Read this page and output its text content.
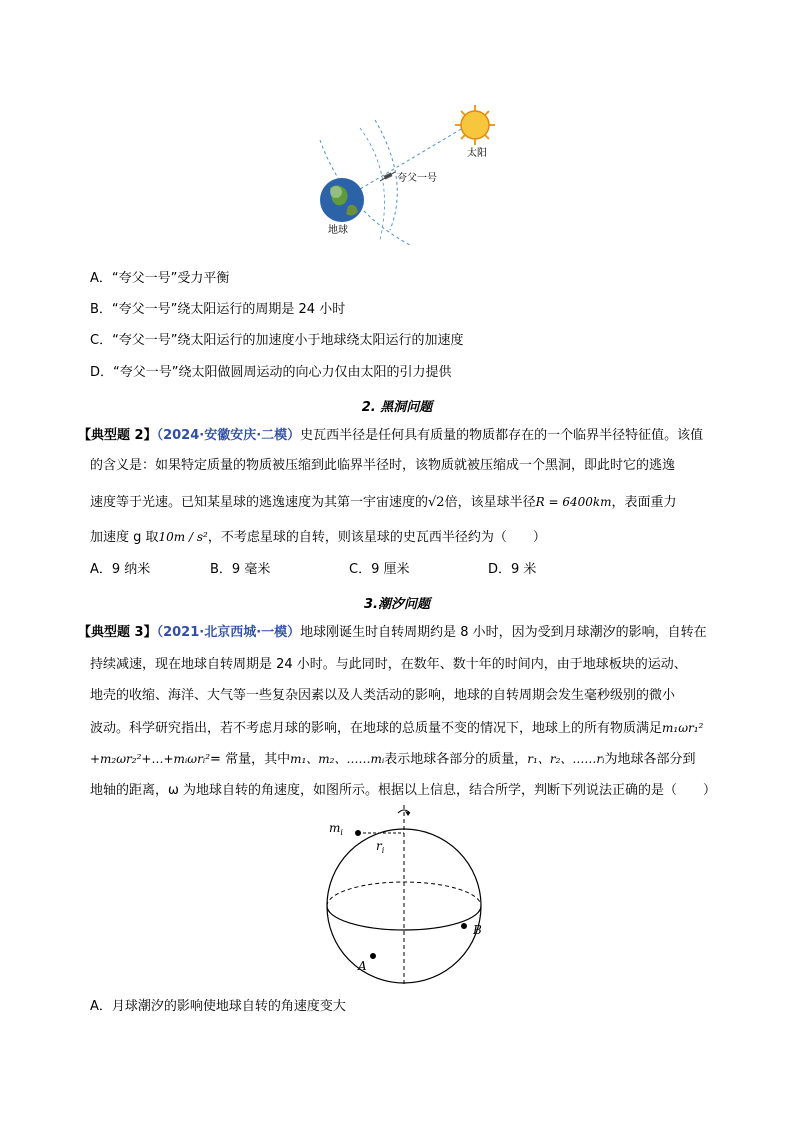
太阳
夸父一号
地球
A．“夸父一号”受力平衡
B．“夸父一号”绕太阳运行的周期是 24 小时
C．“夸父一号”绕太阳运行的加速度小于地球绕太阳运行的加速度
D．“夸父一号”绕太阳做圆周运动的向心力仅由太阳的引力提供
2. 黑洞问题
【典型题 2】（2024·安徽安庆·二模）史瓦西半径是任何具有质量的物质都存在的一个临界半径特征值。该值
的含义是：如果特定质量的物质被压缩到此临界半径时，该物质就被压缩成一个黑洞，即此时它的逃逸
速度等于光速。已知某星球的逃逸速度为其第一宇宙速度的√2倍，该星球半径R = 6400km，表面重力
加速度 g 取10m / s²，不考虑星球的自转，则该星球的史瓦西半径约为（　　）
A．9 纳米	B．9 毫米	C．9 厘米	D．9 米
3.潮汐问题
【典型题 3】（2021·北京西城·一模）地球刚诞生时自转周期约是 8 小时，因为受到月球潮汐的影响，自转在
持续减速，现在地球自转周期是 24 小时。与此同时，在数年、数十年的时间内，由于地球板块的运动、
地壳的收缩、海洋、大气等一些复杂因素以及人类活动的影响，地球的自转周期会发生毫秒级别的微小
波动。科学研究指出，若不考虑月球的影响，在地球的总质量不变的情况下，地球上的所有物质满足m₁ωr₁²
+m₂ωr₂²+…+mᵢωrᵢ²= 常量，其中m₁、m₂、……mᵢ表示地球各部分的质量，r₁、r₂、……rᵢ为地球各部分到
地轴的距离，ω 为地球自转的角速度，如图所示。根据以上信息，结合所学，判断下列说法正确的是（　　）
$m_i$
$r_i$
A
B
A．月球潮汐的影响使地球自转的角速度变大
